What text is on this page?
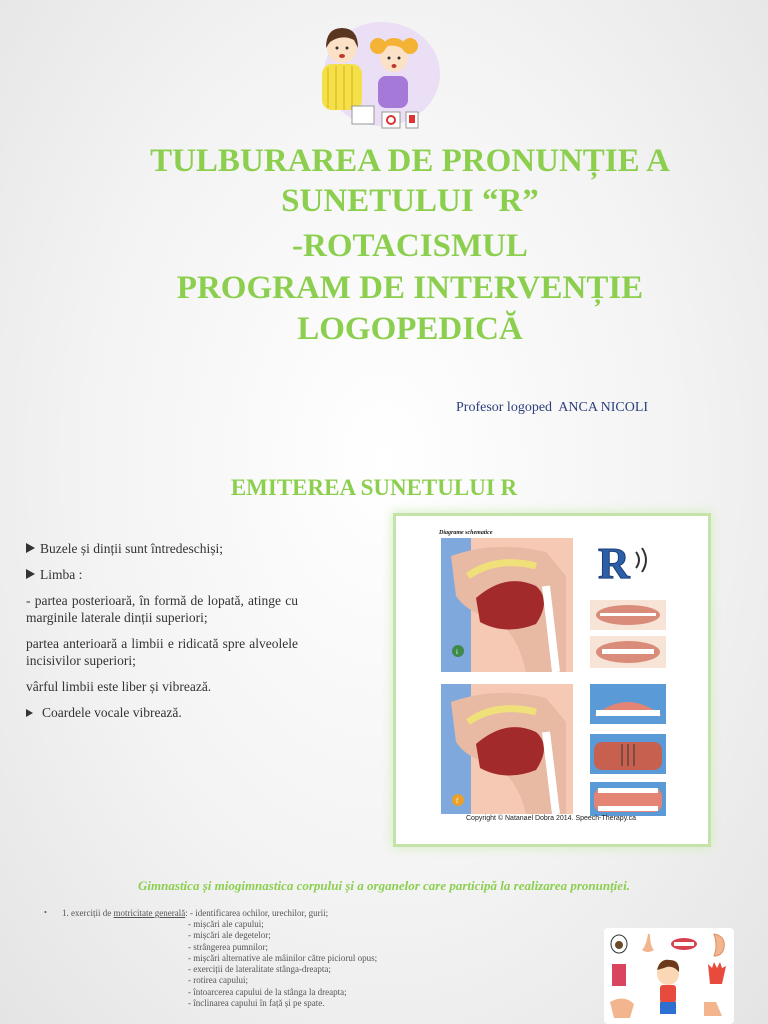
TULBURAREA DE PRONUNȚIE A
SUNETULUI “R”
-ROTACISMUL
PROGRAM DE INTERVENȚIE
LOGOPEDICĂ
Profesor logoped  ANCA NICOLI
EMITEREA SUNETULUI R
Buzele și dinții sunt întredeschiși;
Limba :
- partea posterioară, în formă de lopată, atinge cu marginile laterale dinții superiori;
partea anterioară a limbii e ridicată spre alveolele incisivilor superiori;
vârful limbii este liber și vibrează.
Coardele vocale vibrează.
Diagrame schematice
i
f
R
Copyright © Natanael Dobra 2014. Speech-Therapy.ca
Gimnastica și miogimnastica corpului și a organelor care participă la realizarea pronunției.
• 1. exerciții de motricitate generală: - identificarea ochilor, urechilor, gurii;
- mișcări ale capului;
- mișcări ale degetelor;
- strângerea pumnilor;
- mișcări alternative ale mâinilor către piciorul opus;
- exerciții de lateralitate stânga-dreapta;
- rotirea capului;
- întoarcerea capului de la stânga la dreapta;
- înclinarea capului în față și pe spate.
